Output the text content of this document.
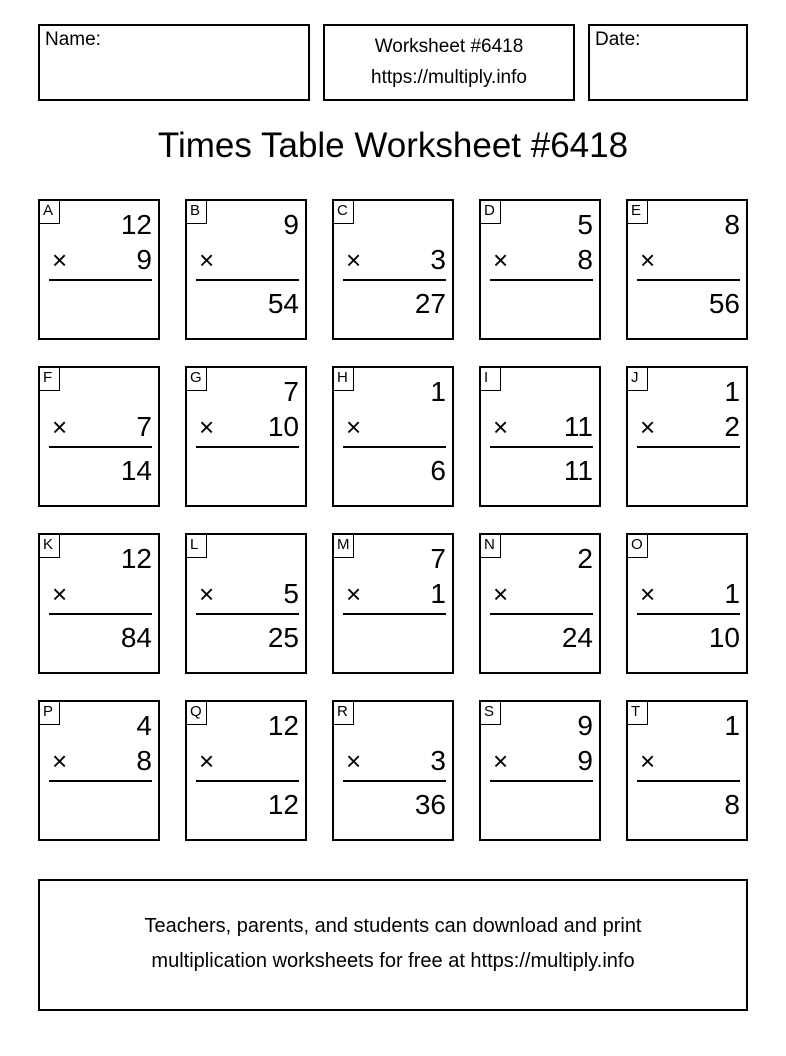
Name:	Worksheet #6418
https://multiply.info
Date:
Times Table Worksheet #6418
A 12
× 9
B	9
×
54
C
× 3
27
D	5
× 8
E	8
×
56
F
× 7
14
G	7
× 10
H	1
×
6
I
× 11
11
J	1
× 2
K 12
×
84
L
× 5
25
M	7
× 1
N	2
×
24
O
× 1
10
P	4
× 8
Q 12
×
12
R
× 3
36
S	9
× 9
T	1
×
8
Teachers, parents, and students can download and print
multiplication worksheets for free at https://multiply.info
